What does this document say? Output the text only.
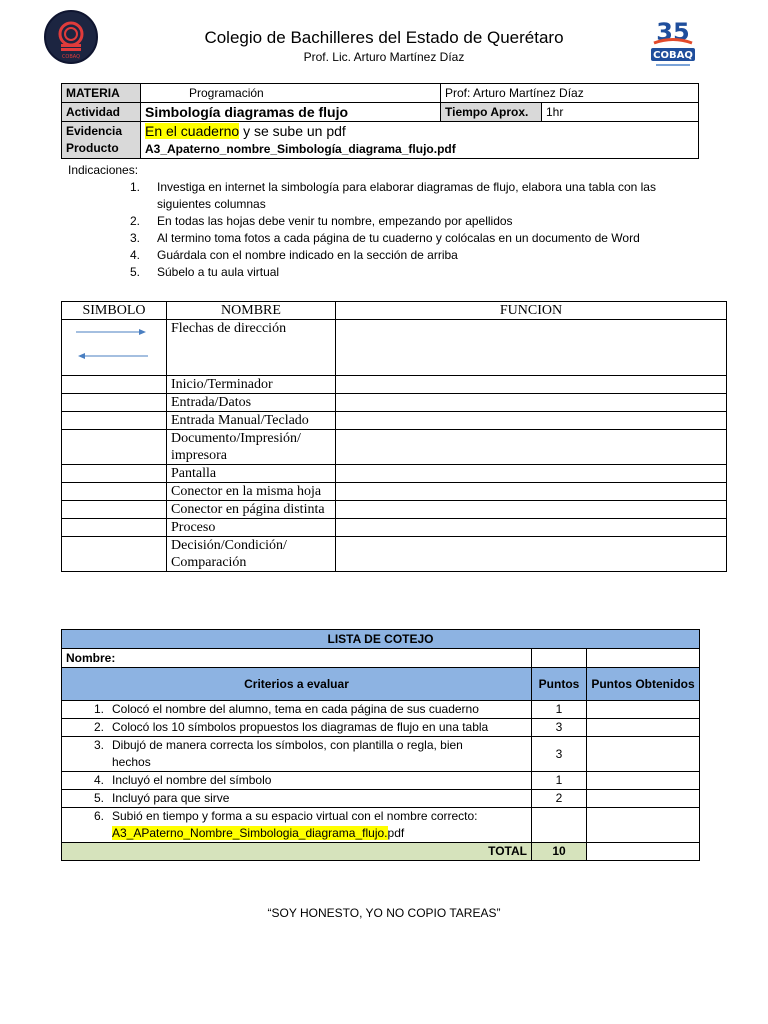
COBAQ
Colegio de Bachilleres del Estado de Querétaro
Prof. Lic. Arturo Martínez Díaz
35
COBAQ
MATERIA	Programación	Prof: Arturo Martínez Díaz	
Actividad	Simbología diagramas de flujo	Tiempo Aprox.	1hr
Evidencia Producto	En el cuaderno y se sube un pdf
A3_Apaterno_nombre_Simbología_diagrama_flujo.pdf		
Indicaciones:
1. Investiga en internet la simbología para elaborar diagramas de flujo, elabora una tabla con las siguientes columnas
2. En todas las hojas debe venir tu nombre, empezando por apellidos
3. Al termino toma fotos a cada página de tu cuaderno y colócalas en un documento de Word
4. Guárdala con el nombre indicado en la sección de arriba
5. Súbelo a tu aula virtual
SIMBOLO	NOMBRE	FUNCION
	Flechas de dirección	
	Inicio/Terminador	
	Entrada/Datos	
	Entrada Manual/Teclado	
	Documento/Impresión/ impresora	
	Pantalla	
	Conector en la misma hoja	
	Conector en página distinta	
	Proceso	
	Decisión/Condición/ Comparación	
LISTA DE COTEJO		
Nombre:		
Criterios a evaluar	Puntos	Puntos Obtenidos
1. Colocó el nombre del alumno, tema en cada página de sus cuaderno	1	
2. Colocó los 10 símbolos propuestos los diagramas de flujo en una tabla	3	

3. Dibujó de manera correcta los símbolos, con plantilla o regla, bien hechos	3	
4. Incluyó el nombre del símbolo	1	
5. Incluyó para que sirve	2	

6. Subió en tiempo y forma a su espacio virtual con el nombre correcto:
A3_APaterno_Nombre_Simbologia_diagrama_flujo.pdf		

TOTAL	10	
“SOY HONESTO, YO NO COPIO TAREAS”
